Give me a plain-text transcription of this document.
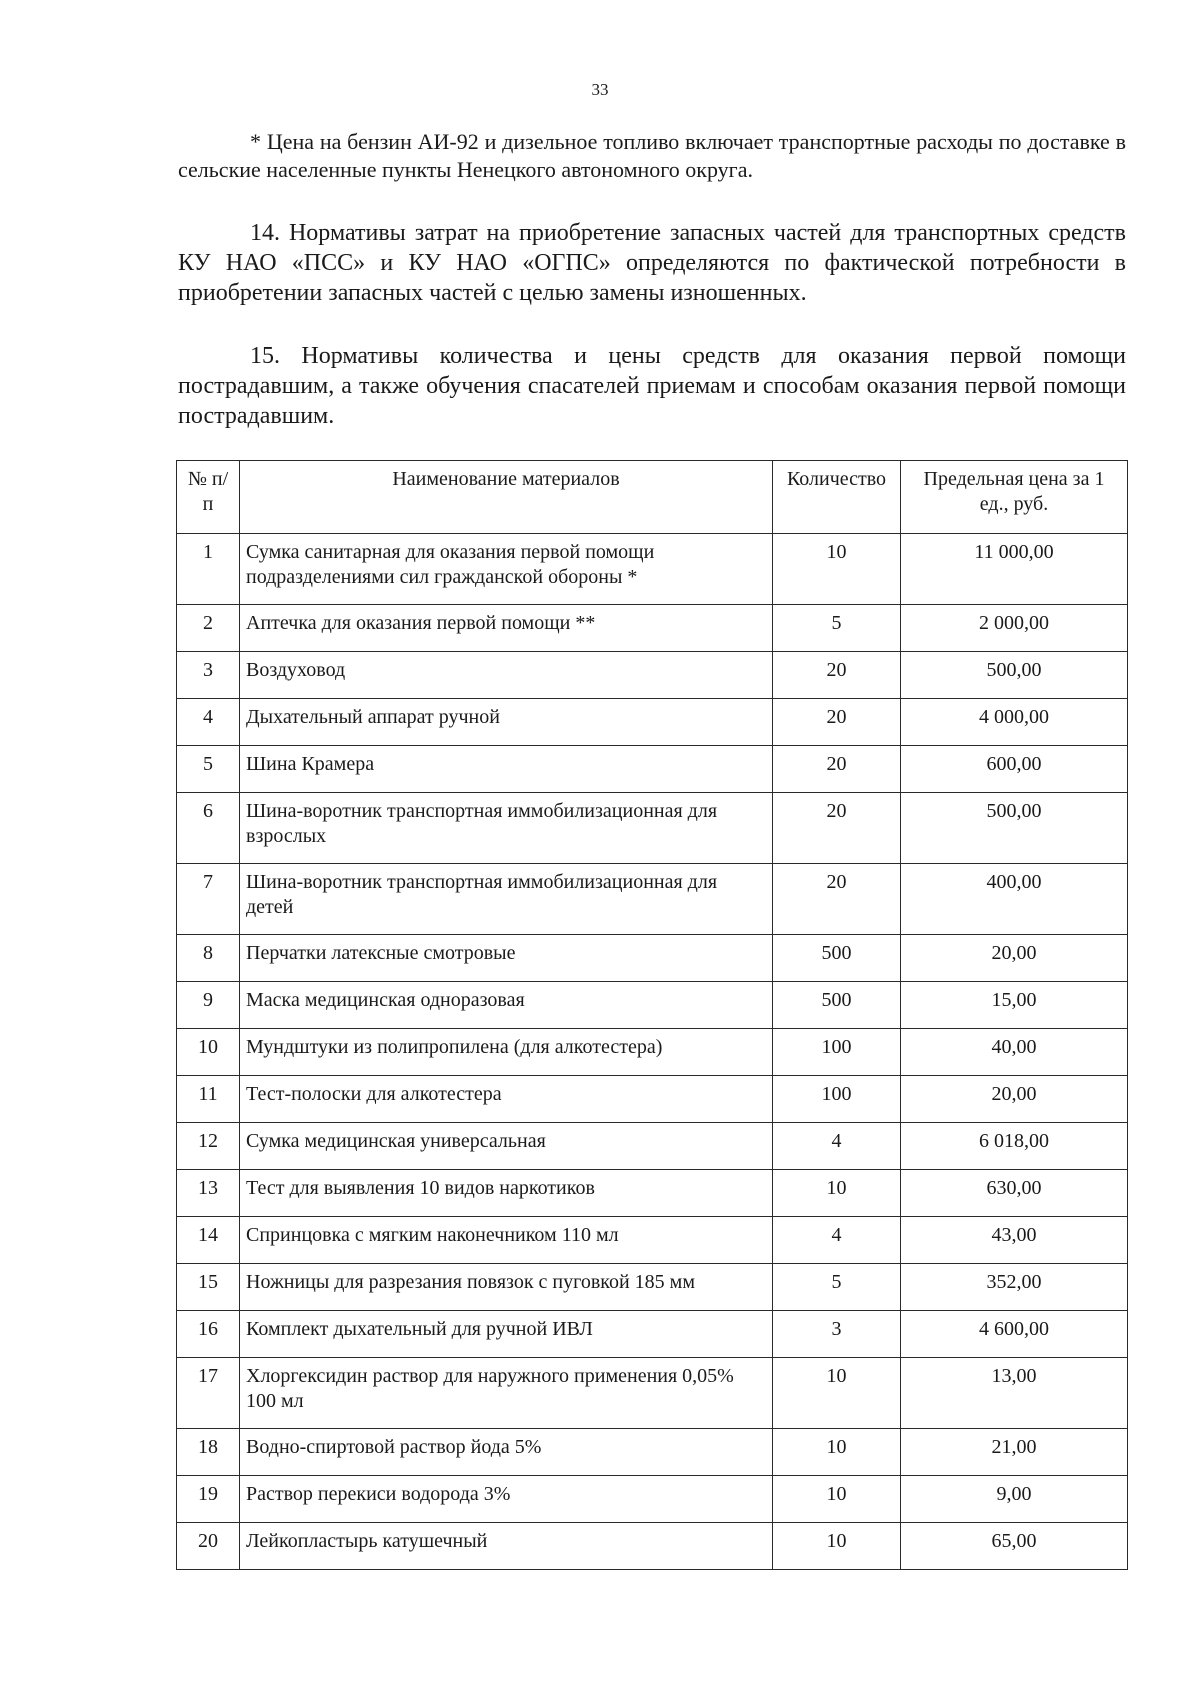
33

* Цена на бензин АИ-92 и дизельное топливо включает транспортные расходы по доставке в сельские населенные пункты Ненецкого автономного округа.

14. Нормативы затрат на приобретение запасных частей для транспортных средств КУ НАО «ПСС» и КУ НАО «ОГПС» определяются по фактической потребности в приобретении запасных частей с целью замены изношенных.

15. Нормативы количества и цены средств для оказания первой помощи пострадавшим, а также обучения спасателей приемам и способам оказания первой помощи пострадавшим.

№ п/п	Наименование материалов	Количество	Предельная цена за 1 ед., руб.
1	Сумка санитарная для оказания первой помощи подразделениями сил гражданской обороны *	10	11 000,00
2	Аптечка для оказания первой помощи **	5	2 000,00
3	Воздуховод	20	500,00
4	Дыхательный аппарат ручной	20	4 000,00
5	Шина Крамера	20	600,00
6	Шина-воротник транспортная иммобилизационная для взрослых	20	500,00
7	Шина-воротник транспортная иммобилизационная для детей	20	400,00
8	Перчатки латексные смотровые	500	20,00
9	Маска медицинская одноразовая	500	15,00
10	Мундштуки из полипропилена (для алкотестера)	100	40,00
11	Тест-полоски для алкотестера	100	20,00
12	Сумка медицинская универсальная	4	6 018,00
13	Тест для выявления 10 видов наркотиков	10	630,00
14	Спринцовка с мягким наконечником 110 мл	4	43,00
15	Ножницы для разрезания повязок с пуговкой 185 мм	5	352,00
16	Комплект дыхательный для ручной ИВЛ	3	4 600,00
17	Хлоргексидин раствор для наружного применения 0,05% 100 мл	10	13,00
18	Водно-спиртовой раствор йода 5%	10	21,00
19	Раствор перекиси водорода 3%	10	9,00
20	Лейкопластырь катушечный	10	65,00
